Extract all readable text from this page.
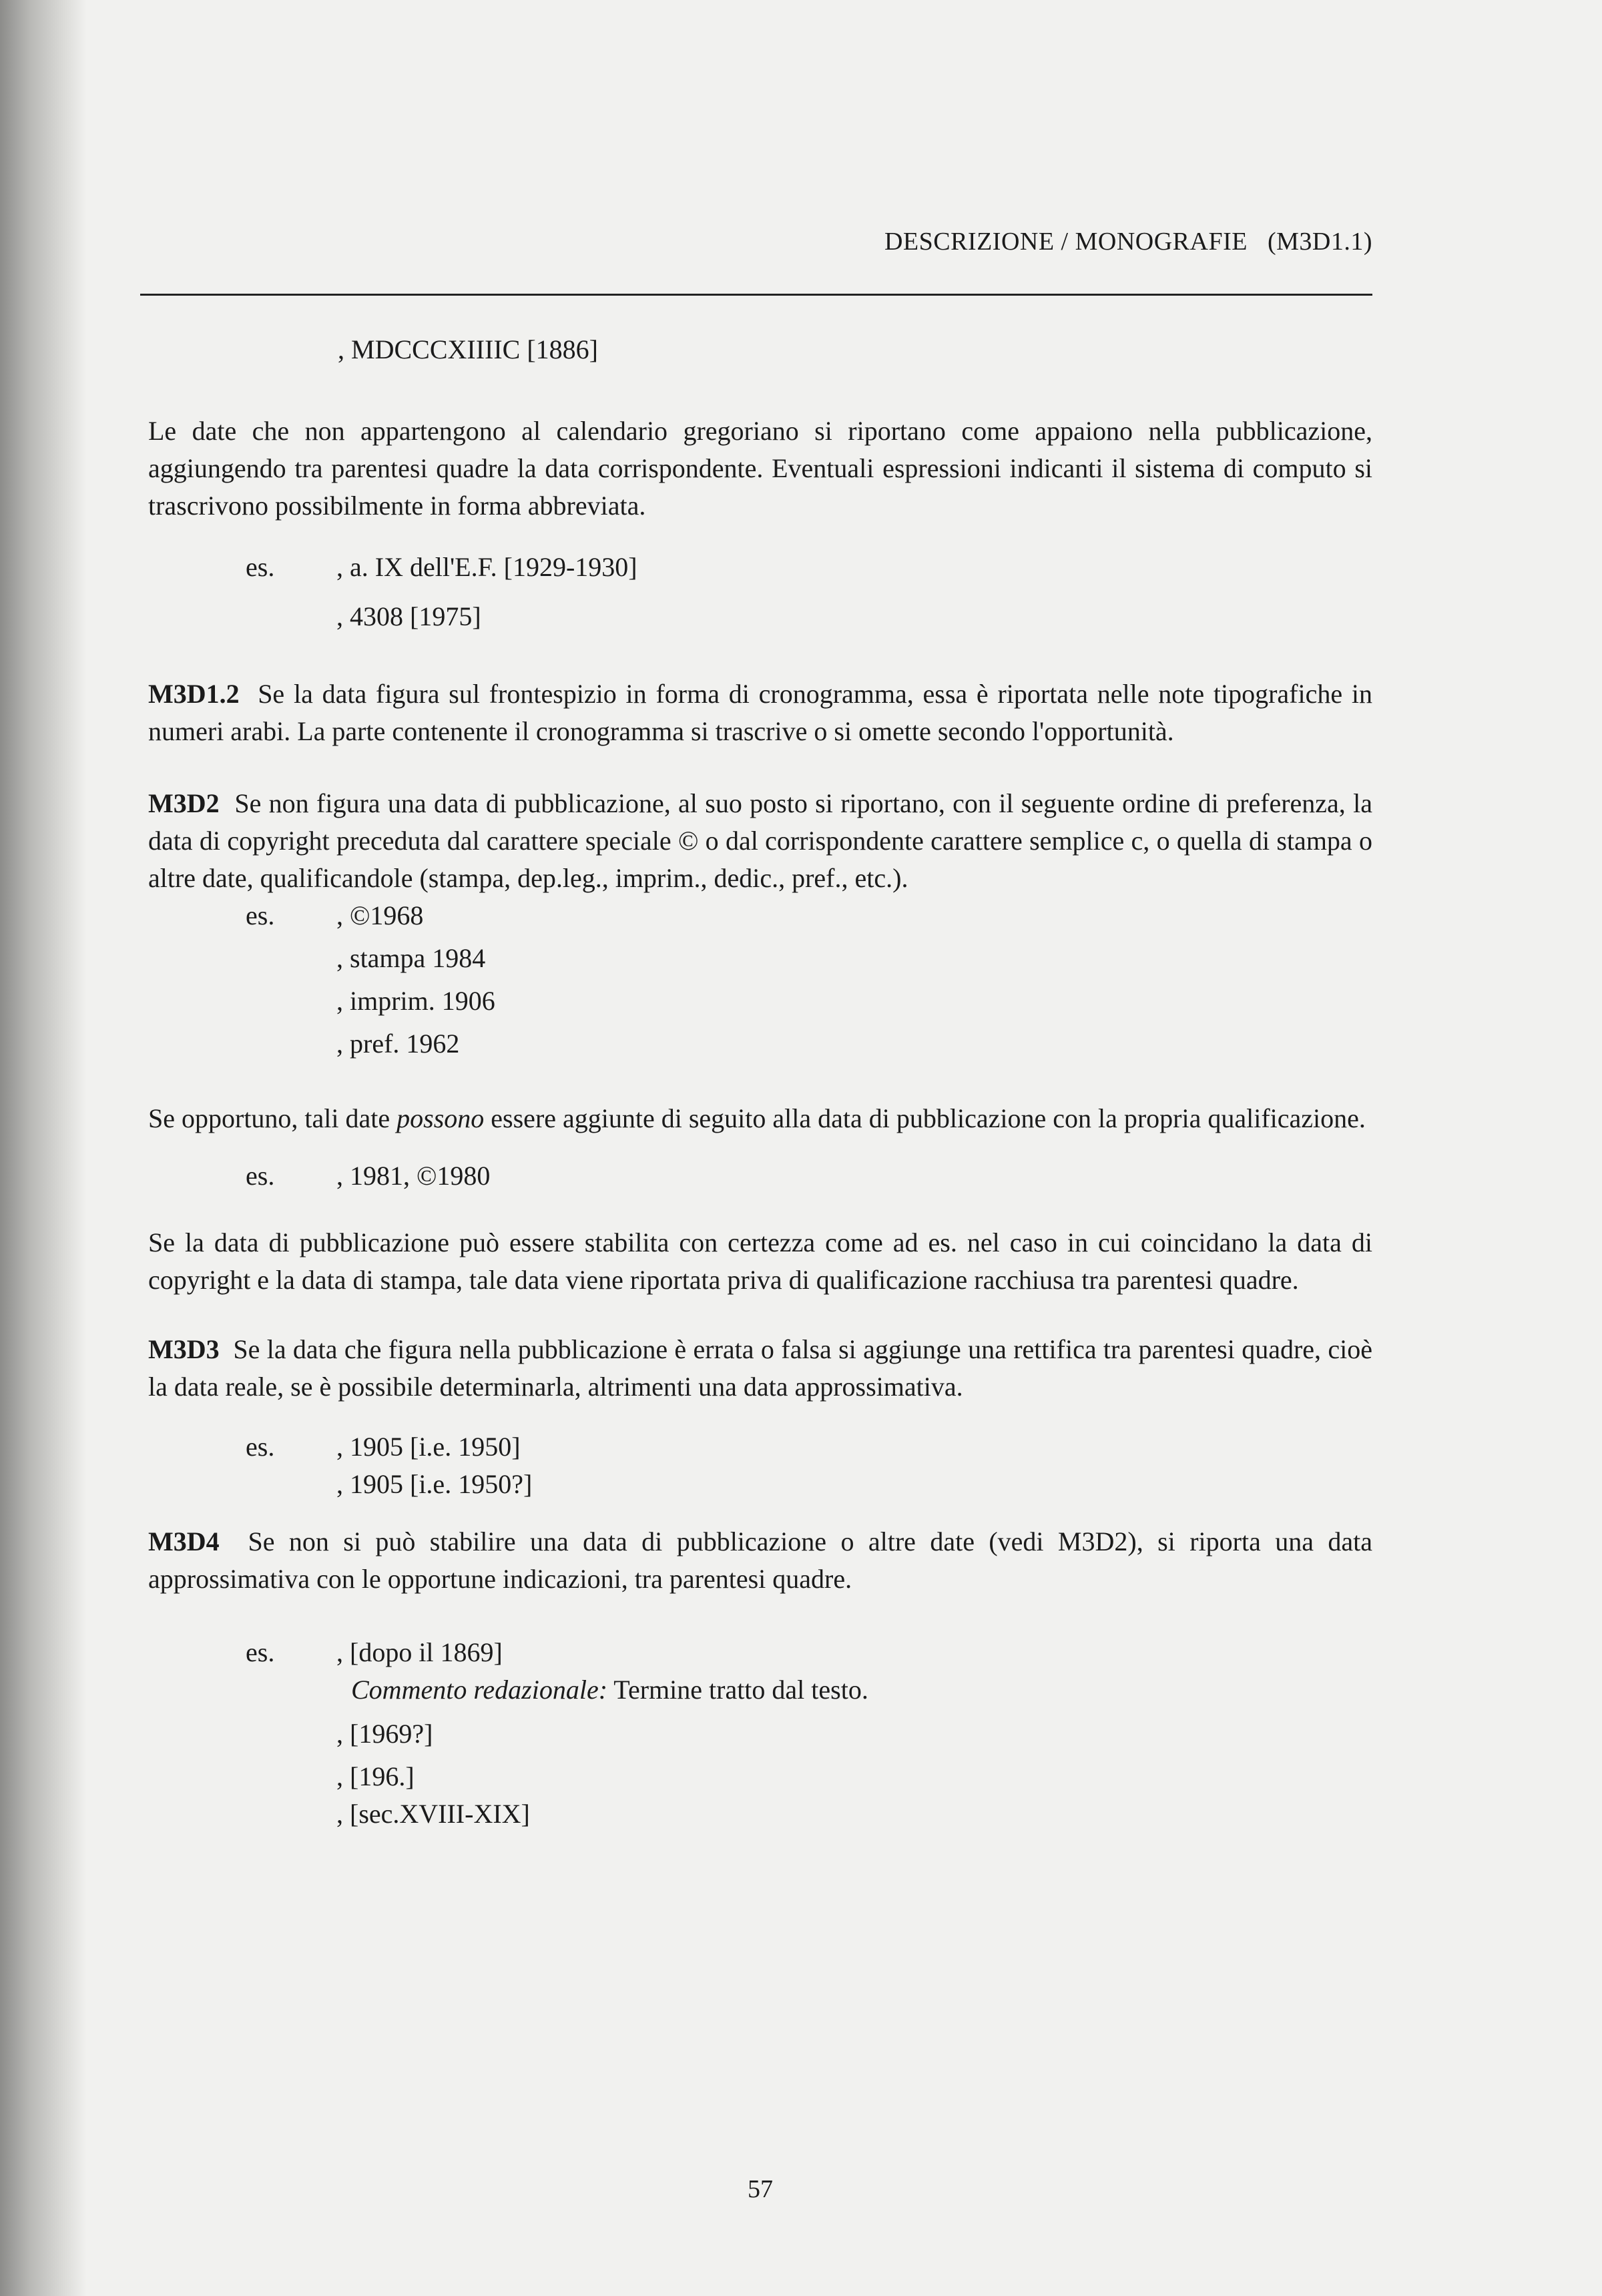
DESCRIZIONE / MONOGRAFIE (M3D1.1)

, MDCCCXIIIIC [1886]

Le date che non appartengono al calendario gregoriano si riportano come appaiono nella pubblicazione, aggiungendo tra parentesi quadre la data corrispondente. Eventuali espressioni indicanti il sistema di computo si trascrivono possibilmente in forma abbreviata.

es.	, a. IX dell'E.F. [1929-1930]

, 4308 [1975]

M3D1.2 Se la data figura sul frontespizio in forma di cronogramma, essa è riportata nelle note tipografiche in numeri arabi. La parte contenente il cronogramma si trascrive o si omette secondo l'opportunità.

M3D2 Se non figura una data di pubblicazione, al suo posto si riportano, con il seguente ordine di preferenza, la data di copyright preceduta dal carattere speciale © o dal corrispondente carattere semplice c, o quella di stampa o altre date, qualificandole (stampa, dep.leg., imprim., dedic., pref., etc.).

es.	, ©1968

, stampa 1984

, imprim. 1906

, pref. 1962

Se opportuno, tali date possono essere aggiunte di seguito alla data di pubblicazione con la propria qualificazione.

es.	, 1981, ©1980

Se la data di pubblicazione può essere stabilita con certezza come ad es. nel caso in cui coincidano la data di copyright e la data di stampa, tale data viene riportata priva di qualificazione racchiusa tra parentesi quadre.

M3D3 Se la data che figura nella pubblicazione è errata o falsa si aggiunge una rettifica tra parentesi quadre, cioè la data reale, se è possibile determinarla, altrimenti una data approssimativa.

es.	, 1905 [i.e. 1950]

, 1905 [i.e. 1950?]

M3D4 Se non si può stabilire una data di pubblicazione o altre date (vedi M3D2), si riporta una data approssimativa con le opportune indicazioni, tra parentesi quadre.

es.	, [dopo il 1869]

Commento redazionale: Termine tratto dal testo.

, [1969?]

, [196.]

, [sec.XVIII-XIX]

57
